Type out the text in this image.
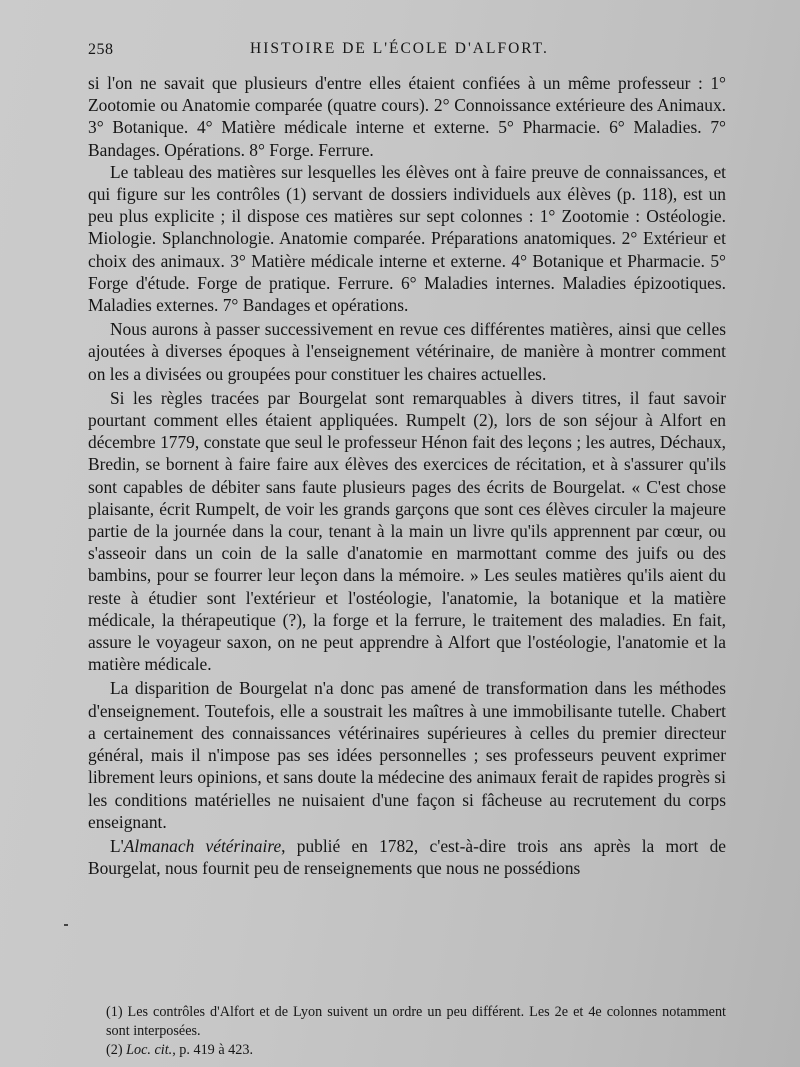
258	HISTOIRE DE L'ÉCOLE D'ALFORT.

si l'on ne savait que plusieurs d'entre elles étaient confiées à un même professeur : 1° Zootomie ou Anatomie comparée (quatre cours). 2° Connoissance extérieure des Animaux. 3° Botanique. 4° Matière médicale interne et externe. 5° Pharmacie. 6° Maladies. 7° Bandages. Opérations. 8° Forge. Ferrure.

Le tableau des matières sur lesquelles les élèves ont à faire preuve de connaissances, et qui figure sur les contrôles (1) servant de dossiers individuels aux élèves (p. 118), est un peu plus explicite ; il dispose ces matières sur sept colonnes : 1° Zootomie : Ostéologie. Miologie. Splanchnologie. Anatomie comparée. Préparations anatomiques. 2° Extérieur et choix des animaux. 3° Matière médicale interne et externe. 4° Botanique et Pharmacie. 5° Forge d'étude. Forge de pratique. Ferrure. 6° Maladies internes. Maladies épizootiques. Maladies externes. 7° Bandages et opérations.

Nous aurons à passer successivement en revue ces différentes matières, ainsi que celles ajoutées à diverses époques à l'enseignement vétérinaire, de manière à montrer comment on les a divisées ou groupées pour constituer les chaires actuelles.

Si les règles tracées par Bourgelat sont remarquables à divers titres, il faut savoir pourtant comment elles étaient appliquées. Rumpelt (2), lors de son séjour à Alfort en décembre 1779, constate que seul le professeur Hénon fait des leçons ; les autres, Déchaux, Bredin, se bornent à faire faire aux élèves des exercices de récitation, et à s'assurer qu'ils sont capables de débiter sans faute plusieurs pages des écrits de Bourgelat. « C'est chose plaisante, écrit Rumpelt, de voir les grands garçons que sont ces élèves circuler la majeure partie de la journée dans la cour, tenant à la main un livre qu'ils apprennent par cœur, ou s'asseoir dans un coin de la salle d'anatomie en marmottant comme des juifs ou des bambins, pour se fourrer leur leçon dans la mémoire. » Les seules matières qu'ils aient du reste à étudier sont l'extérieur et l'ostéologie, l'anatomie, la botanique et la matière médicale, la thérapeutique (?), la forge et la ferrure, le traitement des maladies. En fait, assure le voyageur saxon, on ne peut apprendre à Alfort que l'ostéologie, l'anatomie et la matière médicale.

La disparition de Bourgelat n'a donc pas amené de transformation dans les méthodes d'enseignement. Toutefois, elle a soustrait les maîtres à une immobilisante tutelle. Chabert a certainement des connaissances vétérinaires supérieures à celles du premier directeur général, mais il n'impose pas ses idées personnelles ; ses professeurs peuvent exprimer librement leurs opinions, et sans doute la médecine des animaux ferait de rapides progrès si les conditions matérielles ne nuisaient d'une façon si fâcheuse au recrutement du corps enseignant.

L'Almanach vétérinaire, publié en 1782, c'est-à-dire trois ans après la mort de Bourgelat, nous fournit peu de renseignements que nous ne possédions

(1) Les contrôles d'Alfort et de Lyon suivent un ordre un peu différent. Les 2e et 4e colonnes notamment sont interposées.

(2) Loc. cit., p. 419 à 423.
